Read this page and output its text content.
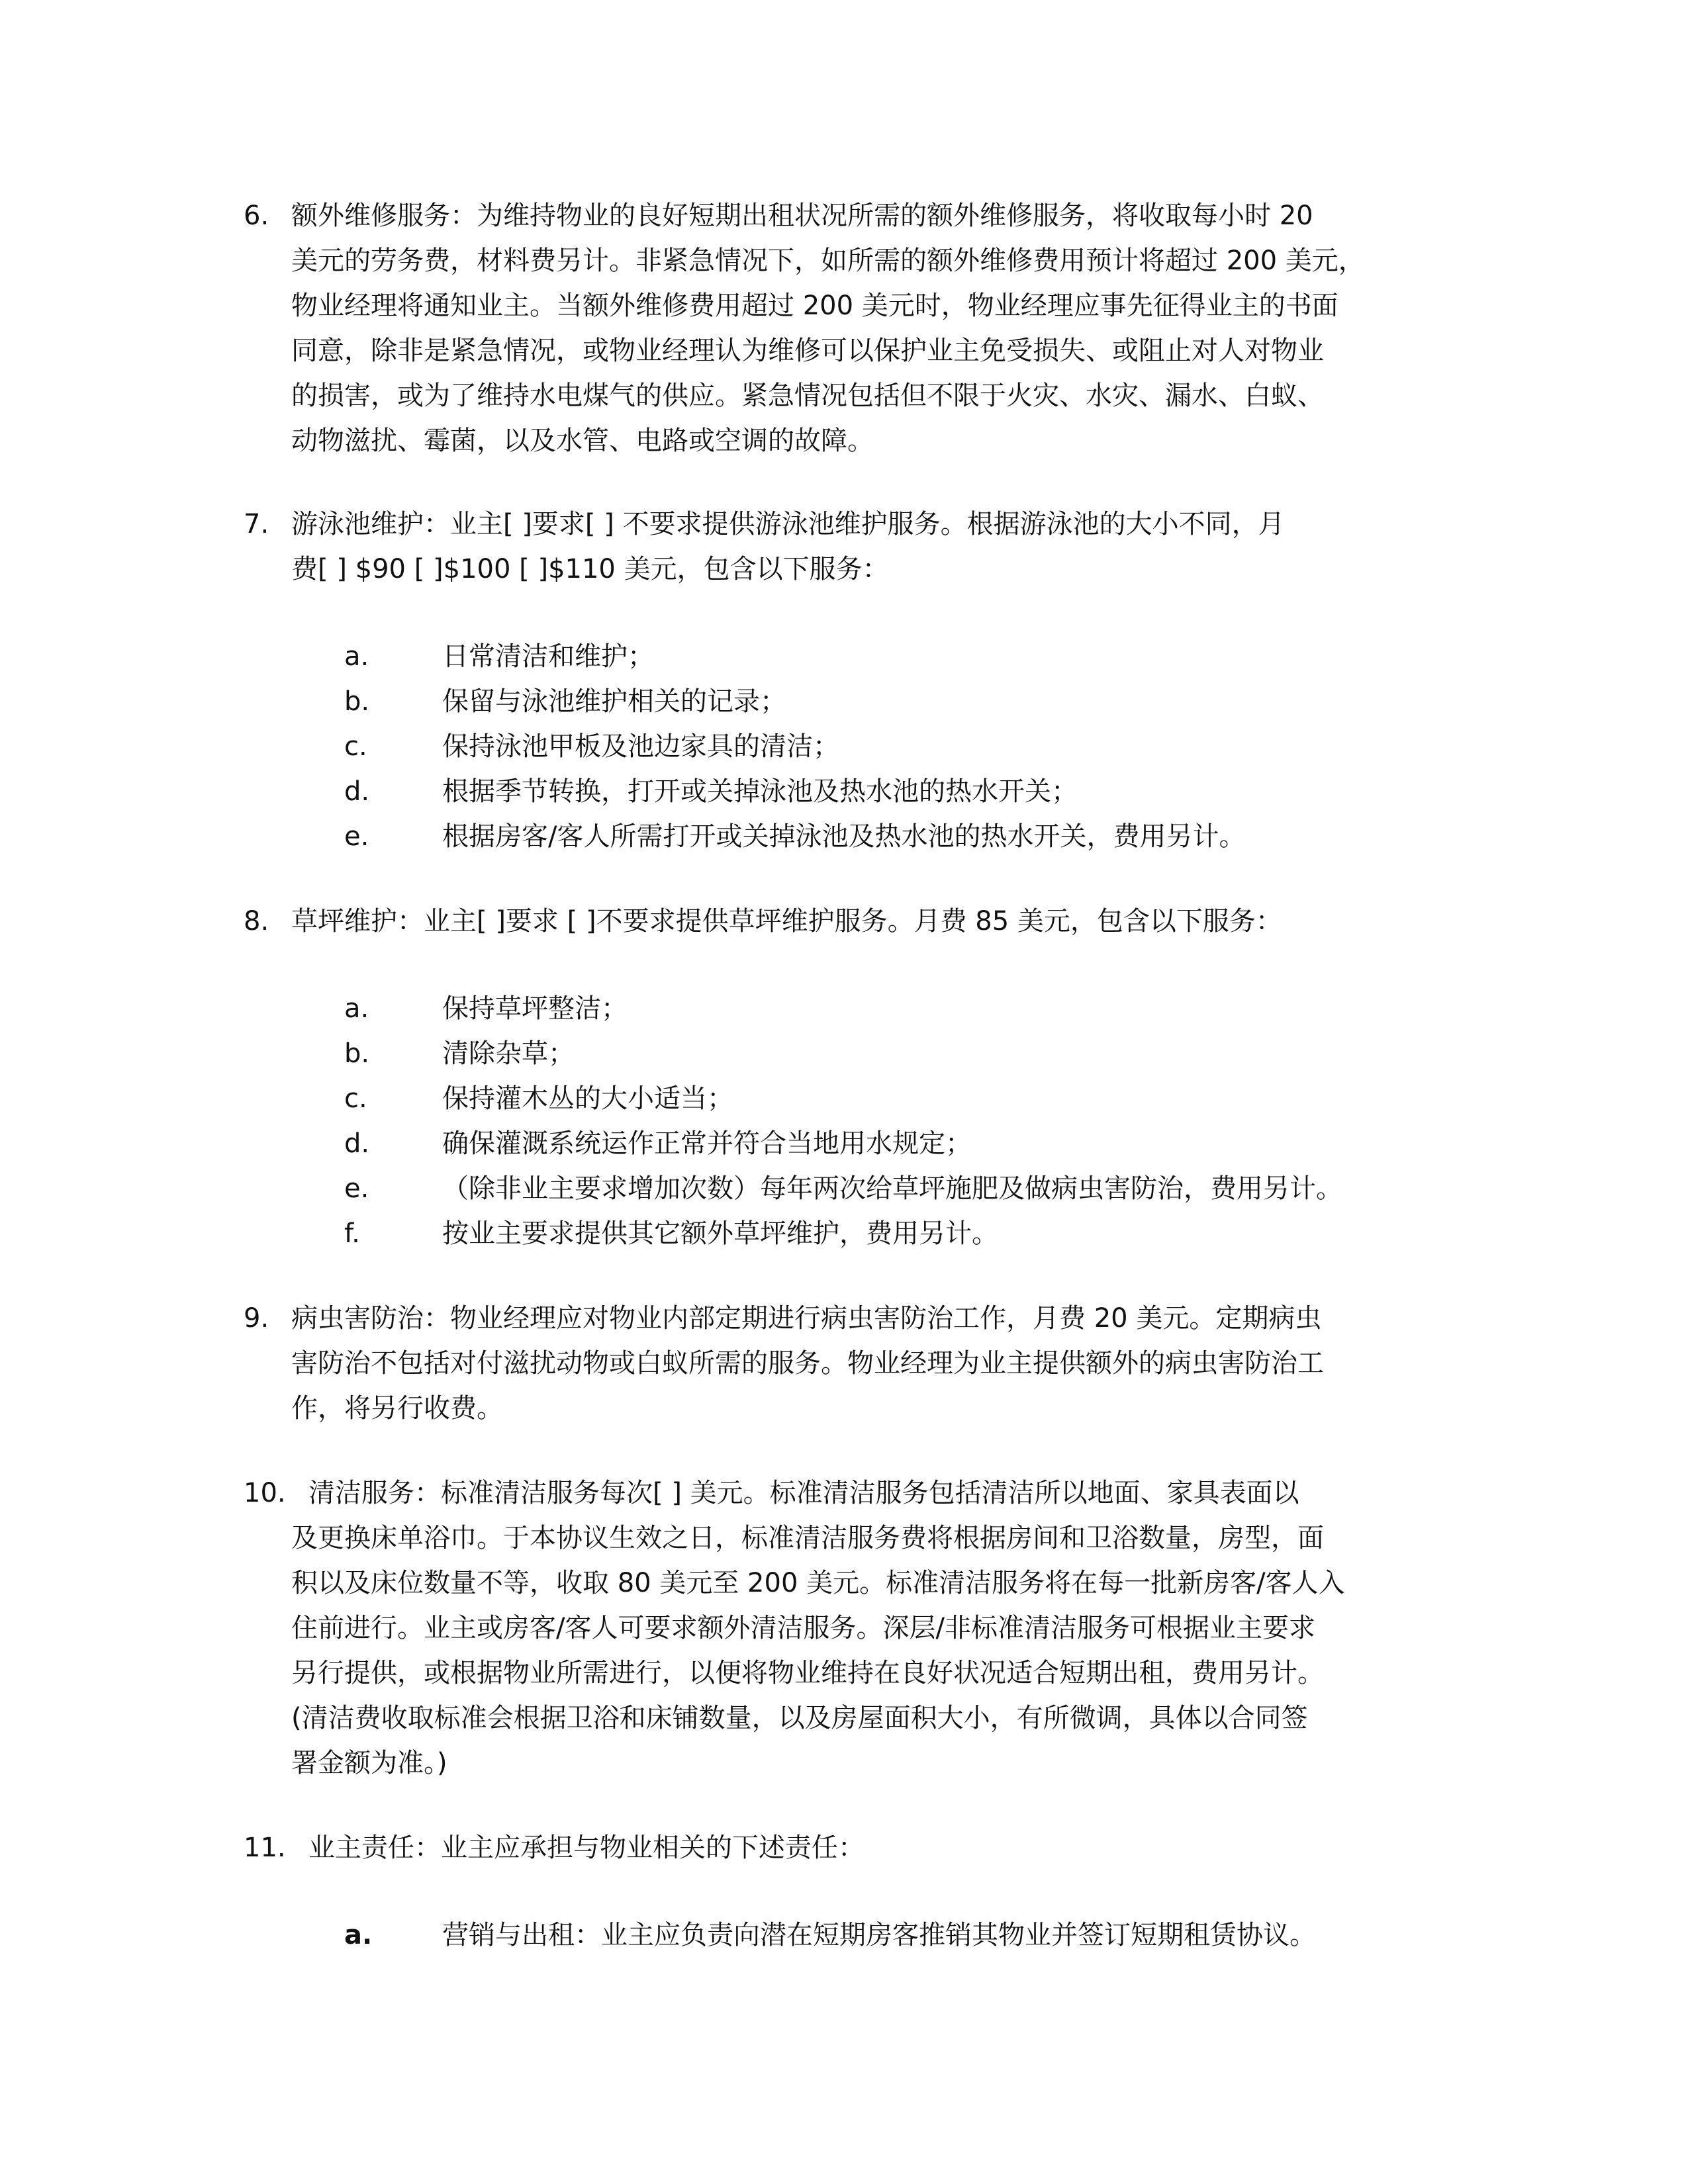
6. 额外维修服务：为维持物业的良好短期出租状况所需的额外维修服务，将收取每小时 20
美元的劳务费，材料费另计。非紧急情况下，如所需的额外维修费用预计将超过 200 美元，
物业经理将通知业主。当额外维修费用超过 200 美元时，物业经理应事先征得业主的书面
同意，除非是紧急情况，或物业经理认为维修可以保护业主免受损失、或阻止对人对物业
的损害，或为了维持水电煤气的供应。紧急情况包括但不限于火灾、水灾、漏水、白蚁、
动物滋扰、霉菌，以及水管、电路或空调的故障。
7. 游泳池维护：业主[ ]要求[ ] 不要求提供游泳池维护服务。根据游泳池的大小不同，月
费[ ] $90 [ ]$100 [ ]$110 美元，包含以下服务：
a.	日常清洁和维护；
b.	保留与泳池维护相关的记录；
c.	保持泳池甲板及池边家具的清洁；
d.	根据季节转换，打开或关掉泳池及热水池的热水开关；
e.	根据房客/客人所需打开或关掉泳池及热水池的热水开关，费用另计。
8. 草坪维护：业主[ ]要求 [ ]不要求提供草坪维护服务。月费 85 美元，包含以下服务：
a.	保持草坪整洁；
b.	清除杂草；
c.	保持灌木丛的大小适当；
d.	确保灌溉系统运作正常并符合当地用水规定；
e.	（除非业主要求增加次数）每年两次给草坪施肥及做病虫害防治，费用另计。
f.	按业主要求提供其它额外草坪维护，费用另计。
9. 病虫害防治：物业经理应对物业内部定期进行病虫害防治工作，月费 20 美元。定期病虫
害防治不包括对付滋扰动物或白蚁所需的服务。物业经理为业主提供额外的病虫害防治工
作，将另行收费。
10. 清洁服务：标准清洁服务每次[ ] 美元。标准清洁服务包括清洁所以地面、家具表面以
及更换床单浴巾。于本协议生效之日，标准清洁服务费将根据房间和卫浴数量，房型，面
积以及床位数量不等，收取 80 美元至 200 美元。标准清洁服务将在每一批新房客/客人入
住前进行。业主或房客/客人可要求额外清洁服务。深层/非标准清洁服务可根据业主要求
另行提供，或根据物业所需进行，以便将物业维持在良好状况适合短期出租，费用另计。
(清洁费收取标准会根据卫浴和床铺数量，以及房屋面积大小，有所微调，具体以合同签
署金额为准。)
11. 业主责任：业主应承担与物业相关的下述责任：
a.	营销与出租：业主应负责向潜在短期房客推销其物业并签订短期租赁协议。
